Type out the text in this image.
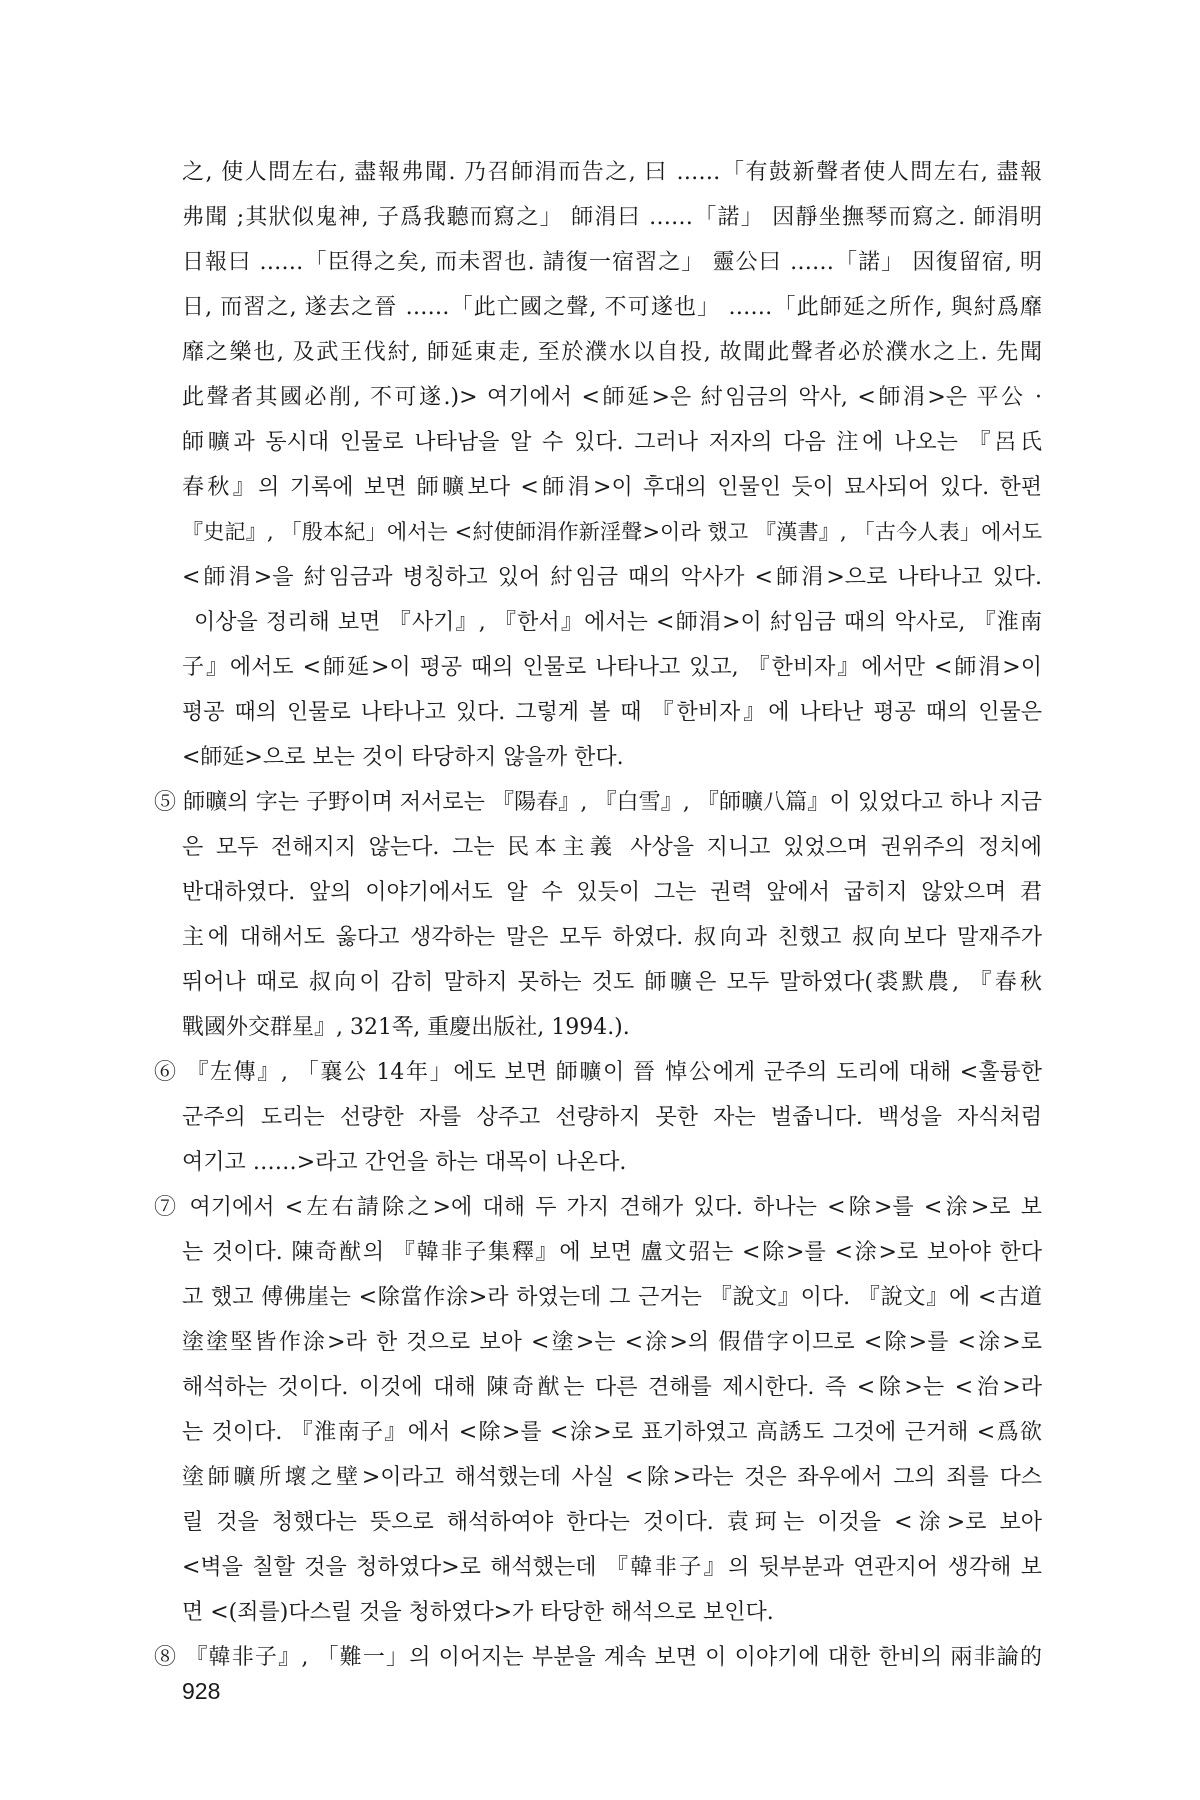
之, 使人問左右, 盡報弗聞. 乃召師涓而告之, 曰 ……「有鼓新聲者使人問左右, 盡報
弗聞 ;其狀似鬼神, 子爲我聽而寫之」 師涓曰 ……「諾」 因靜坐撫琴而寫之. 師涓明
日報曰 ……「臣得之矣, 而未習也. 請復一宿習之」 靈公曰 ……「諾」 因復留宿, 明
日, 而習之, 遂去之晉 ……「此亡國之聲, 不可遂也」 ……「此師延之所作, 與紂爲靡
靡之樂也, 及武王伐紂, 師延東走, 至於濮水以自投, 故聞此聲者必於濮水之上. 先聞
此聲者其國必削, 不可遂.)> 여기에서 <師延>은 紂임금의 악사, <師涓>은 平公 ·
師曠과 동시대 인물로 나타남을 알 수 있다. 그러나 저자의 다음 注에 나오는 『呂氏
春秋』의 기록에 보면 師曠보다 <師涓>이 후대의 인물인 듯이 묘사되어 있다. 한편
『史記』, 「殷本紀」에서는 <紂使師涓作新淫聲>이라 했고 『漢書』, 「古今人表」에서도
<師涓>을 紂임금과 병칭하고 있어 紂임금 때의 악사가 <師涓>으로 나타나고 있다.
이상을 정리해 보면 『사기』, 『한서』에서는 <師涓>이 紂임금 때의 악사로, 『淮南
子』에서도 <師延>이 평공 때의 인물로 나타나고 있고, 『한비자』에서만 <師涓>이
평공 때의 인물로 나타나고 있다. 그렇게 볼 때 『한비자』에 나타난 평공 때의 인물은
<師延>으로 보는 것이 타당하지 않을까 한다.
⑤ 師曠의 字는 子野이며 저서로는 『陽春』, 『白雪』, 『師曠八篇』이 있었다고 하나 지금
은 모두 전해지지 않는다. 그는 民本主義 사상을 지니고 있었으며 권위주의 정치에
반대하였다. 앞의 이야기에서도 알 수 있듯이 그는 권력 앞에서 굽히지 않았으며 君
主에 대해서도 옳다고 생각하는 말은 모두 하였다. 叔向과 친했고 叔向보다 말재주가
뛰어나 때로 叔向이 감히 말하지 못하는 것도 師曠은 모두 말하였다(裘默農, 『春秋
戰國外交群星』, 321쪽, 重慶出版社, 1994.).
⑥ 『左傳』, 「襄公 14年」에도 보면 師曠이 晉 悼公에게 군주의 도리에 대해 <훌륭한
군주의 도리는 선량한 자를 상주고 선량하지 못한 자는 벌줍니다. 백성을 자식처럼
여기고 ……>라고 간언을 하는 대목이 나온다.
⑦ 여기에서 <左右請除之>에 대해 두 가지 견해가 있다. 하나는 <除>를 <涂>로 보
는 것이다. 陳奇猷의 『韓非子集釋』에 보면 盧文弨는 <除>를 <涂>로 보아야 한다
고 했고 傅佛崖는 <除當作涂>라 하였는데 그 근거는 『說文』이다. 『說文』에 <古道
塗塗堅皆作涂>라 한 것으로 보아 <塗>는 <涂>의 假借字이므로 <除>를 <涂>로
해석하는 것이다. 이것에 대해 陳奇猷는 다른 견해를 제시한다. 즉 <除>는 <治>라
는 것이다. 『淮南子』에서 <除>를 <涂>로 표기하였고 高誘도 그것에 근거해 <爲欲
塗師曠所壞之壁>이라고 해석했는데 사실 <除>라는 것은 좌우에서 그의 죄를 다스
릴 것을 청했다는 뜻으로 해석하여야 한다는 것이다. 袁珂는 이것을 <涂>로 보아
<벽을 칠할 것을 청하였다>로 해석했는데 『韓非子』의 뒷부분과 연관지어 생각해 보
면 <(죄를)다스릴 것을 청하였다>가 타당한 해석으로 보인다.
⑧ 『韓非子』, 「難一」의 이어지는 부분을 계속 보면 이 이야기에 대한 한비의 兩非論的
928
